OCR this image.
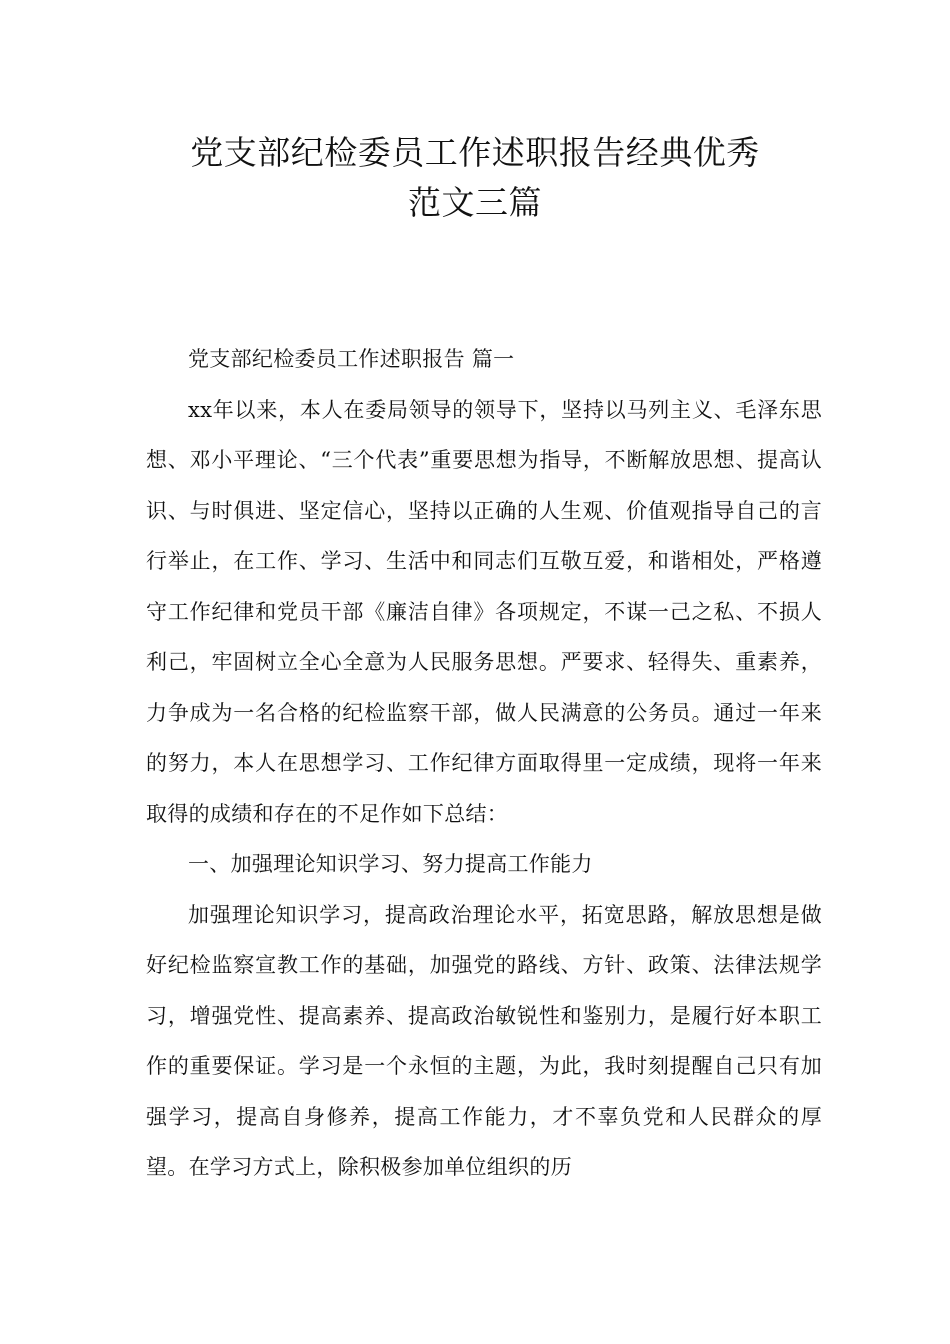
党支部纪检委员工作述职报告经典优秀
范文三篇

党支部纪检委员工作述职报告 篇一

xx年以来，本人在委局领导的领导下，坚持以马列主义、毛泽东思想、邓小平理论、“三个代表”重要思想为指导，不断解放思想、提高认识、与时俱进、坚定信心，坚持以正确的人生观、价值观指导自己的言行举止，在工作、学习、生活中和同志们互敬互爱，和谐相处，严格遵守工作纪律和党员干部《廉洁自律》各项规定，不谋一己之私、不损人利己，牢固树立全心全意为人民服务思想。严要求、轻得失、重素养，力争成为一名合格的纪检监察干部，做人民满意的公务员。通过一年来的努力，本人在思想学习、工作纪律方面取得里一定成绩，现将一年来取得的成绩和存在的不足作如下总结：

一、加强理论知识学习、努力提高工作能力

加强理论知识学习，提高政治理论水平，拓宽思路，解放思想是做好纪检监察宣教工作的基础，加强党的路线、方针、政策、法律法规学习，增强党性、提高素养、提高政治敏锐性和鉴别力，是履行好本职工作的重要保证。学习是一个永恒的主题，为此，我时刻提醒自己只有加强学习，提高自身修养，提高工作能力，才不辜负党和人民群众的厚望。在学习方式上，除积极参加单位组织的历
